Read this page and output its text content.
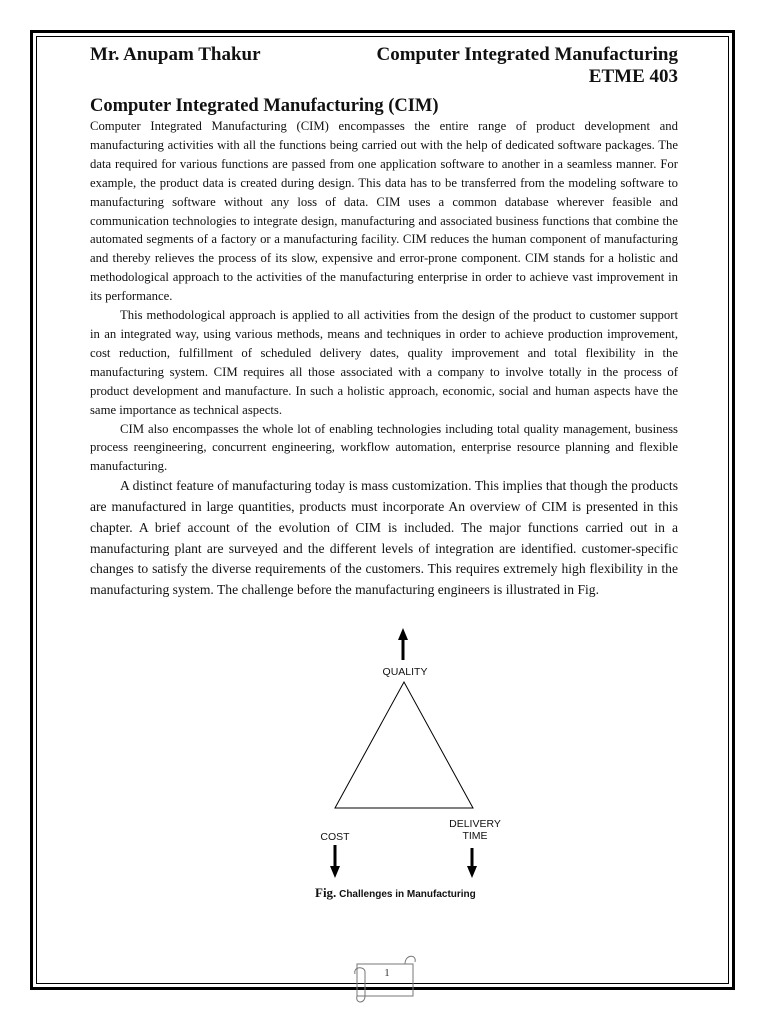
Mr. Anupam Thakur	Computer Integrated Manufacturing
ETME 403
Computer Integrated Manufacturing (CIM)

Computer Integrated Manufacturing (CIM) encompasses the entire range of product development and manufacturing activities with all the functions being carried out with the help of dedicated software packages. The data required for various functions are passed from one application software to another in a seamless manner. For example, the product data is created during design. This data has to be transferred from the modeling software to manufacturing software without any loss of data. CIM uses a common database wherever feasible and communication technologies to integrate design, manufacturing and associated business functions that combine the automated segments of a factory or a manufacturing facility. CIM reduces the human component of manufacturing and thereby relieves the process of its slow, expensive and error-prone component. CIM stands for a holistic and methodological approach to the activities of the manufacturing enterprise in order to achieve vast improvement in its performance.

This methodological approach is applied to all activities from the design of the product to customer support in an integrated way, using various methods, means and techniques in order to achieve production improvement, cost reduction, fulfillment of scheduled delivery dates, quality improvement and total flexibility in the manufacturing system. CIM requires all those associated with a company to involve totally in the process of product development and manufacture. In such a holistic approach, economic, social and human aspects have the same importance as technical aspects.

CIM also encompasses the whole lot of enabling technologies including total quality management, business process reengineering, concurrent engineering, workflow automation, enterprise resource planning and flexible manufacturing.

A distinct feature of manufacturing today is mass customization. This implies that though the products are manufactured in large quantities, products must incorporate An overview of CIM is presented in this chapter. A brief account of the evolution of CIM is included. The major functions carried out in a manufacturing plant are surveyed and the different levels of integration are identified. customer-specific changes to satisfy the diverse requirements of the customers. This requires extremely high flexibility in the manufacturing system. The challenge before the manufacturing engineers is illustrated in Fig.

QUALITY
COST
DELIVERY
TIME
Fig. Challenges in Manufacturing
1
